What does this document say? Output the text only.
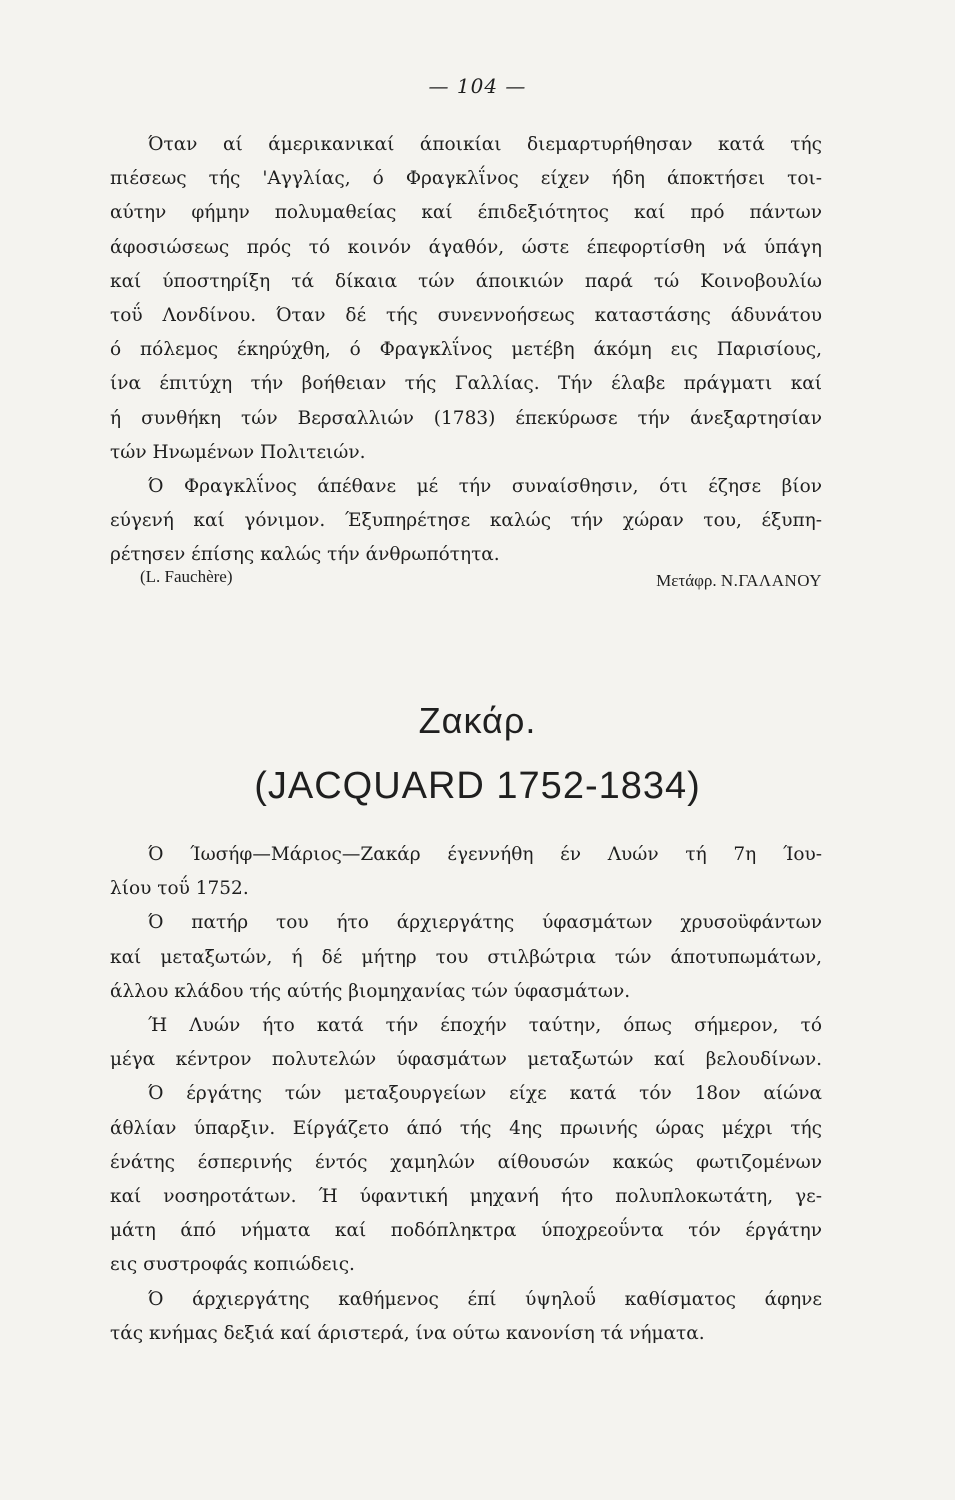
— 104 —
Όταν αί άμερικανικαί άποικίαι διεμαρτυρήθησαν κατά τής
πιέσεως τής 'Αγγλίας, ό Φραγκλΐνος είχεν ήδη άποκτήσει τοι-
αύτην φήμην πολυμαθείας καί έπιδεξιότητος καί πρό πάντων
άφοσιώσεως πρός τό κοινόν άγαθόν, ώστε έπεφορτίσθη νά ύπάγη
καί ύποστηρίξη τά δίκαια τών άποικιών παρά τώ Κοινοβουλίω
τοΰ Λονδίνου. Όταν δέ τής συνεννοήσεως καταστάσης άδυνάτου
ό πόλεμος έκηρύχθη, ό Φραγκλΐνος μετέβη άκόμη εις Παρισίους,
ίνα έπιτύχη τήν βοήθειαν τής Γαλλίας. Τήν έλαβε πράγματι καί
ή συνθήκη τών Βερσαλλιών (1783) έπεκύρωσε τήν άνεξαρτησίαν
τών Ηνωμένων Πολιτειών.
Ό Φραγκλΐνος άπέθανε μέ τήν συναίσθησιν, ότι έζησε βίον
εύγενή καί γόνιμον. Έξυπηρέτησε καλώς τήν χώραν του, έξυπη-
ρέτησεν έπίσης καλώς τήν άνθρωπότητα.
(L. Fauchère)	Μετάφρ. Ν.ΓΑΛΑΝΟΥ
Ζακάρ.
(JACQUARD 1752-1834)
Ό Ίωσήφ—Μάριος—Ζακάρ έγεννήθη έν Λυών τή 7η Ίου-
λίου τοΰ 1752.
Ό πατήρ του ήτο άρχιεργάτης ύφασμάτων χρυσοϋφάντων
καί μεταξωτών, ή δέ μήτηρ του στιλβώτρια τών άποτυπωμάτων,
άλλου κλάδου τής αύτής βιομηχανίας τών ύφασμάτων.
Ή Λυών ήτο κατά τήν έποχήν ταύτην, όπως σήμερον, τό
μέγα κέντρον πολυτελών ύφασμάτων μεταξωτών καί βελουδίνων.
Ό έργάτης τών μεταξουργείων είχε κατά τόν 18ον αίώνα
άθλίαν ύπαρξιν. Είργάζετο άπό τής 4ης πρωινής ώρας μέχρι τής
ένάτης έσπερινής έντός χαμηλών αίθουσών κακώς φωτιζομένων
καί νοσηροτάτων. Ή ύφαντική μηχανή ήτο πολυπλοκωτάτη, γε-
μάτη άπό νήματα καί ποδόπληκτρα ύποχρεοΰντα τόν έργάτην
εις συστροφάς κοπιώδεις.
Ό άρχιεργάτης καθήμενος έπί ύψηλοΰ καθίσματος άφηνε
τάς κνήμας δεξιά καί άριστερά, ίνα ούτω κανονίση τά νήματα.
